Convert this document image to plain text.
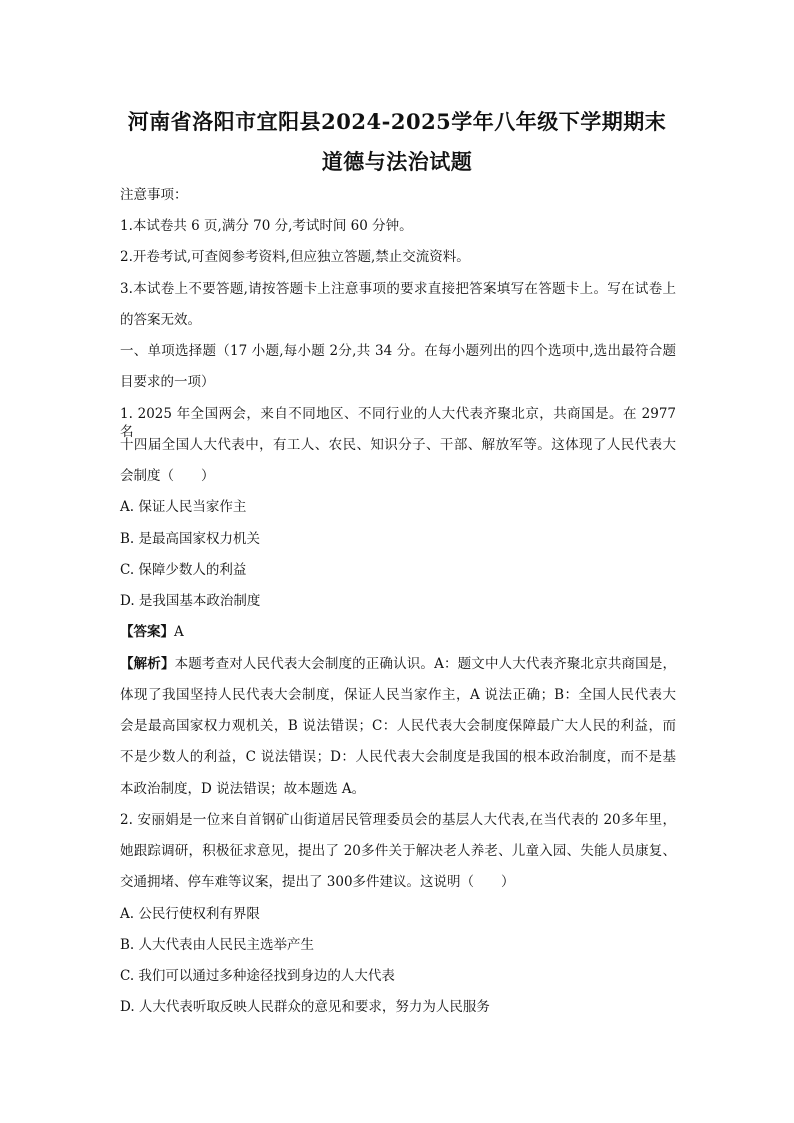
河南省洛阳市宜阳县2024-2025学年八年级下学期期末
道德与法治试题
注意事项：
1.本试卷共 6 页,满分 70 分,考试时间 60 分钟。
2.开卷考试,可查阅参考资料,但应独立答题,禁止交流资料。
3.本试卷上不要答题,请按答题卡上注意事项的要求直接把答案填写在答题卡上。写在试卷上
的答案无效。
一、单项选择题（17 小题,每小题 2分,共 34 分。在每小题列出的四个选项中,选出最符合题
目要求的一项）
1. 2025 年全国两会，来自不同地区、不同行业的人大代表齐聚北京，共商国是。在 2977 名
十四届全国人大代表中，有工人、农民、知识分子、干部、解放军等。这体现了人民代表大
会制度（　　）
A. 保证人民当家作主
B. 是最高国家权力机关
C. 保障少数人的利益
D. 是我国基本政治制度
【答案】A
【解析】本题考查对人民代表大会制度的正确认识。A：题文中人大代表齐聚北京共商国是，
体现了我国坚持人民代表大会制度，保证人民当家作主，A 说法正确；B：全国人民代表大
会是最高国家权力观机关，B 说法错误；C：人民代表大会制度保障最广大人民的利益，而
不是少数人的利益，C 说法错误；D：人民代表大会制度是我国的根本政治制度，而不是基
本政治制度，D 说法错误；故本题选 A。
2. 安丽娟是一位来自首钢矿山街道居民管理委员会的基层人大代表,在当代表的 20多年里，
她跟踪调研，积极征求意见，提出了 20多件关于解决老人养老、儿童入园、失能人员康复、
交通拥堵、停车难等议案，提出了 300多件建议。这说明（　　）
A. 公民行使权利有界限
B. 人大代表由人民民主选举产生
C. 我们可以通过多种途径找到身边的人大代表
D. 人大代表听取反映人民群众的意见和要求，努力为人民服务
